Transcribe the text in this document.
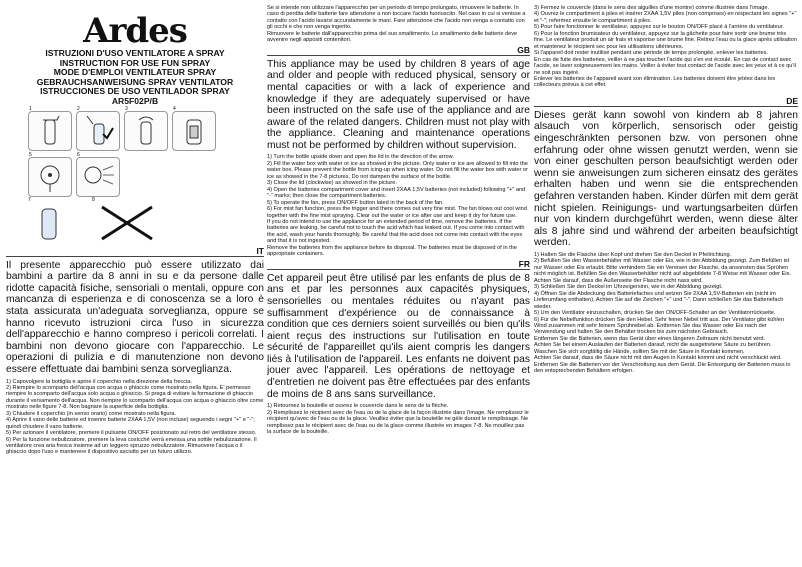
Ardes
ISTRUZIONI D'USO VENTILATORE A SPRAY
INSTRUCTION FOR USE FUN SPRAY
MODE D'EMPLOI VENTILATEUR SPRAY
GEBRAUCHSANWEISUNG SPRAY VENTILATOR
ISTRUCCIONES DE USO VENTILADOR SPRAY
AR5F02P/B
1	2	3	4
5	6
7	8
IT

Il presente apparecchio può essere utilizzato dai bambini a partire da 8 anni in su e da persone dalle ridotte capacità fisiche, sensoriali o mentali, oppure con mancanza di esperienza e di conoscenza se a loro è stata assicurata un'adeguata sorveglianza, oppure se hanno ricevuto istruzioni circa l'uso in sicurezza dell'apparecchio e hanno compreso i pericoli correlati. I bambini non devono giocare con l'apparecchio. Le operazioni di pulizia e di manutenzione non devono essere effettuate dai bambini senza sorveglianza.

1) Capovolgere la bottiglia e aprire il coperchio nella direzione della freccia.

2) Riempire lo scomparto dell'acqua con acqua o ghiaccio come mostrato nella figura. E' permesso riempire lo scomparto dell'acqua solo acqua o ghiaccio. Si prega di evitare la formazione di ghiaccio durante il versamento dell'acqua. Non riempire lo scomparto dell'acqua con acqua o ghiaccio oltre come mostrato nelle figure 7-8. Non bagnare la superficie della bottiglia.

3) Chiudere il coperchio (in senso orario) come mostrato nella figura.

4) Aprire il vano delle batterie ed inserire batterie 2XAA 1,5V (non incluse) seguendo i segni "+" e "-"; quindi chiudere il vano batterie.

5) Per azionare il ventilatore, premere il pulsante ON/OFF posizionato sul retro del ventilatore stesso.

6) Per la funzione nebulizzatore, premere la leva cosicché verrà emessa una sottile nebulizzazione. Il ventilatore crea aria fresca insieme ad un leggero spruzzo nebulizzatore. Rimuovere l'acqua o il ghiaccio dopo l'uso e mantenere il dispositivo asciutto per un futuro utilizzo.

Se si intende non utilizzare l'apparecchio per un periodo di tempo prolungato, rimuovere le batterie. In caso di perdita delle batterie fare attenzione a non toccare l'acido fuoriuscito. Nel caso in cui si venisse a contatto con l'acido lavarsi accuratamente le mani. Fare attenzione che l'acido non venga a contatto con gli occhi e che non venga ingerito.

Rimuovere le batterie dall'apparecchio prima del suo smaltimento. Lo smaltimento delle batterie deve avvenire negli appositi contenitori.

GB

This appliance may be used by children 8 years of age and older and people with reduced physical, sensory or mental capacities or with a lack of experience and knowledge if they are adequately supervised or have been instructed on the safe use of the appliance and are aware of the related dangers. Children must not play with the appliance. Cleaning and maintenance operations must not be performed by children without supervision.

1) Turn the bottle upside down and open the lid in the direction of the arrow.

2) Fill the water box with water or ice as showed in the picture. Only water or ice are allowed to fill into the water box. Please prevent the bottle from icing-up when icing water. Do not fill the water box with water or ice as showed in the 7-8 pictures. Do not dampen the surface of the bottle.

3) Close the lid (clockwise) as showed in the picture.

4) Open the batteries compartment cover and insert 2XAA 1,5V batteries (not included) following "+" and "-" marks; then close the compartment batteries.

5) To operate the fan, press ON/OFF button lated in the back of the fan.

6) For mist fan function, press the trigger and there comes out very fine mist. The fan blows out cool wind together with the fine mist spraying. Clear out the water or ice after use and keep it dry for future use.

If you do not intend to use the appliance for an extended period of time, remove the batteries. If the batteries are leaking, be careful not to touch the acid which has leaked out. If you come into contact with the acid, wash your hands thoroughly. Be careful that the acid does not come into contact with the eyes and that it is not ingested.

Remove the batteries from the appliance before its disposal. The batteries must be disposed of in the appropriate containers.

FR

Cet appareil peut être utilisé par les enfants de plus de 8 ans et par les personnes aux capacités physiques, sensorielles ou mentales réduites ou n'ayant pas suffisamment d'expérience ou de connaissance à condition que ces derniers soient surveillés ou bien qu'ils aient reçus des instructions sur l'utilisation en toute sécurité de l'appareillet qu'ils aient compris les dangers liés à l'utilisation de l'appareil. Les enfants ne doivent pas jouer avec l'appareil. Les opérations de nettoyage et d'entretien ne doivent pas être effectuées par des enfants de moins de 8 ans sans surveillance.

1) Retournez la bouteille et ouvrez le couvercle dans le sens de la flèche.

2) Remplissez le récipient avec de l'eau ou de la glace de la façon illustrée dans l'image. Ne remplissez le récipient qu'avec de l'eau ou de la glace. Veuillez éviter que la bouteille ne gèle durant le remplissage. Ne remplissez pas le récipient avec de l'eau ou de la glace comme illustrée en images 7-8. Ne mouillez pas la surface de la bouteille.

3) Fermez le couvercle (dans le sens des aiguilles d'une montre) comme illustrée dans l'image.

4) Ouvrez le compartiment à piles et insérer 2XAA 1,5V piles (non comprises) en respectant les signes "+" et "-"; refermez ensuite le compartiment à piles.

5) Pour faire fonctionner le ventilateur, appuyez sur le bouton ON/OFF placé à l'arrière du ventilateur.

6) Pour la fonction brumisateur du ventilateur, appuyez sur la gâchette pour faire sortir une brume très fine. Le ventilateur produit un air frais et vaporise une brume fine. Retirez l'eau ou la glace après utilisation et maintenez le récipient sec pour les utilisations ultérieures.

Si l'appareil doit rester inutilisé pendant une période de temps prolongée, enlever les batteries.

En cas de fuite des batteries, veiller à ne pas toucher l'acide qui s'en est écoulé. En cas de contact avec l'acide, se laver soigneusement les mains. Veiller à éviter tout contact de l'acide avec les yeux et à ce qu'il ne soit pas ingéré.

Enlever les batteries de l'appareil avant son élimination. Les batteries doivent être jetées dans les collecteurs prévus à cet effet.

DE

Dieses gerät kann sowohl von kindern ab 8 jahren alsauch von körperlich, sensorisch oder geistig eingeschränkten personen bzw. von personen ohne erfahrung oder ohne wissen genutzt werden, wenn sie von einer geschulten person beaufsichtigt werden oder wenn sie anweisungen zum sicheren einsatz des gerätes erhalten haben und wenn sie die entsprechenden gefahren verstanden haben. Kinder dürfen mit dem gerät nicht spielen. Reinigungs- und wartungsarbeiten dürfen nur von kindern durchgeführt werden, wenn diese älter als 8 jahre sind und während der arbeiten beaufsichtigt werden.

1) Halten Sie die Flasche über Kopf und drehen Sie den Deckel in Pfeilrichtung.

2) Befüllen Sie den Wasserbehälter mit Wasser oder Eis, wie in der Abbildung gezeigt. Zum Befüllen ist nur Wasser oder Eis erlaubt. Bitte verhindern Sie ein Vereisen der Flasche, da ansonsten das Sprühen nicht möglich ist. Befüllen Sie den Wasserbehälter nicht auf abgebildete 7-8 Weise mit Wasser oder Eis. Achten Sie darauf, dass die Außenseite der Flasche nicht nass wird.

3) Schließen Sie den Deckel im Uhrzeigersinn, wie in der Abbildung gezeigt.

4) Öffnen Sie die Abdeckung des Batteriefaches und setzen Sie 2XAA 1,5V-Batterien ein (nicht im Lieferumfang enthalten). Achten Sie auf die Zeichen "+" und "-". Dann schließen Sie das Batteriefach wieder.

5) Um den Ventilator einzuschalten, drücken Sie den ON/OFF-Schalter an der Ventilatorrückseite.

6) Für die Nebelfunktion drücken Sie den Hebel. Sehr feiner Nebel tritt aus. Der Ventilator gibt kühlen Wind zusammen mit sehr feinem Sprühnebel ab. Entfernen Sie das Wasser oder Eis nach der Verwendung und halten Sie den Behälter trocken bis zum nächsten Gebrauch.

Entfernen Sie die Batterien, wenn das Gerät über einen längeren Zeitraum nicht benutzt wird.

Achten Sie bei einem Auslaufen der Batterien darauf, nicht die ausgetretene Säure zu berühren.

Waschen Sie sich sorgfältig die Hände, sollten Sie mit der Säure in Kontakt kommen.

Achten Sie darauf, dass die Säure nicht mit den Augen in Kontakt kommt und nicht verschluckt wird.

Entfernen Sie die Batterien vor der Verschrottung aus dem Gerät. Die Entsorgung der Batterien muss in den entsprechenden Behältern erfolgen.
